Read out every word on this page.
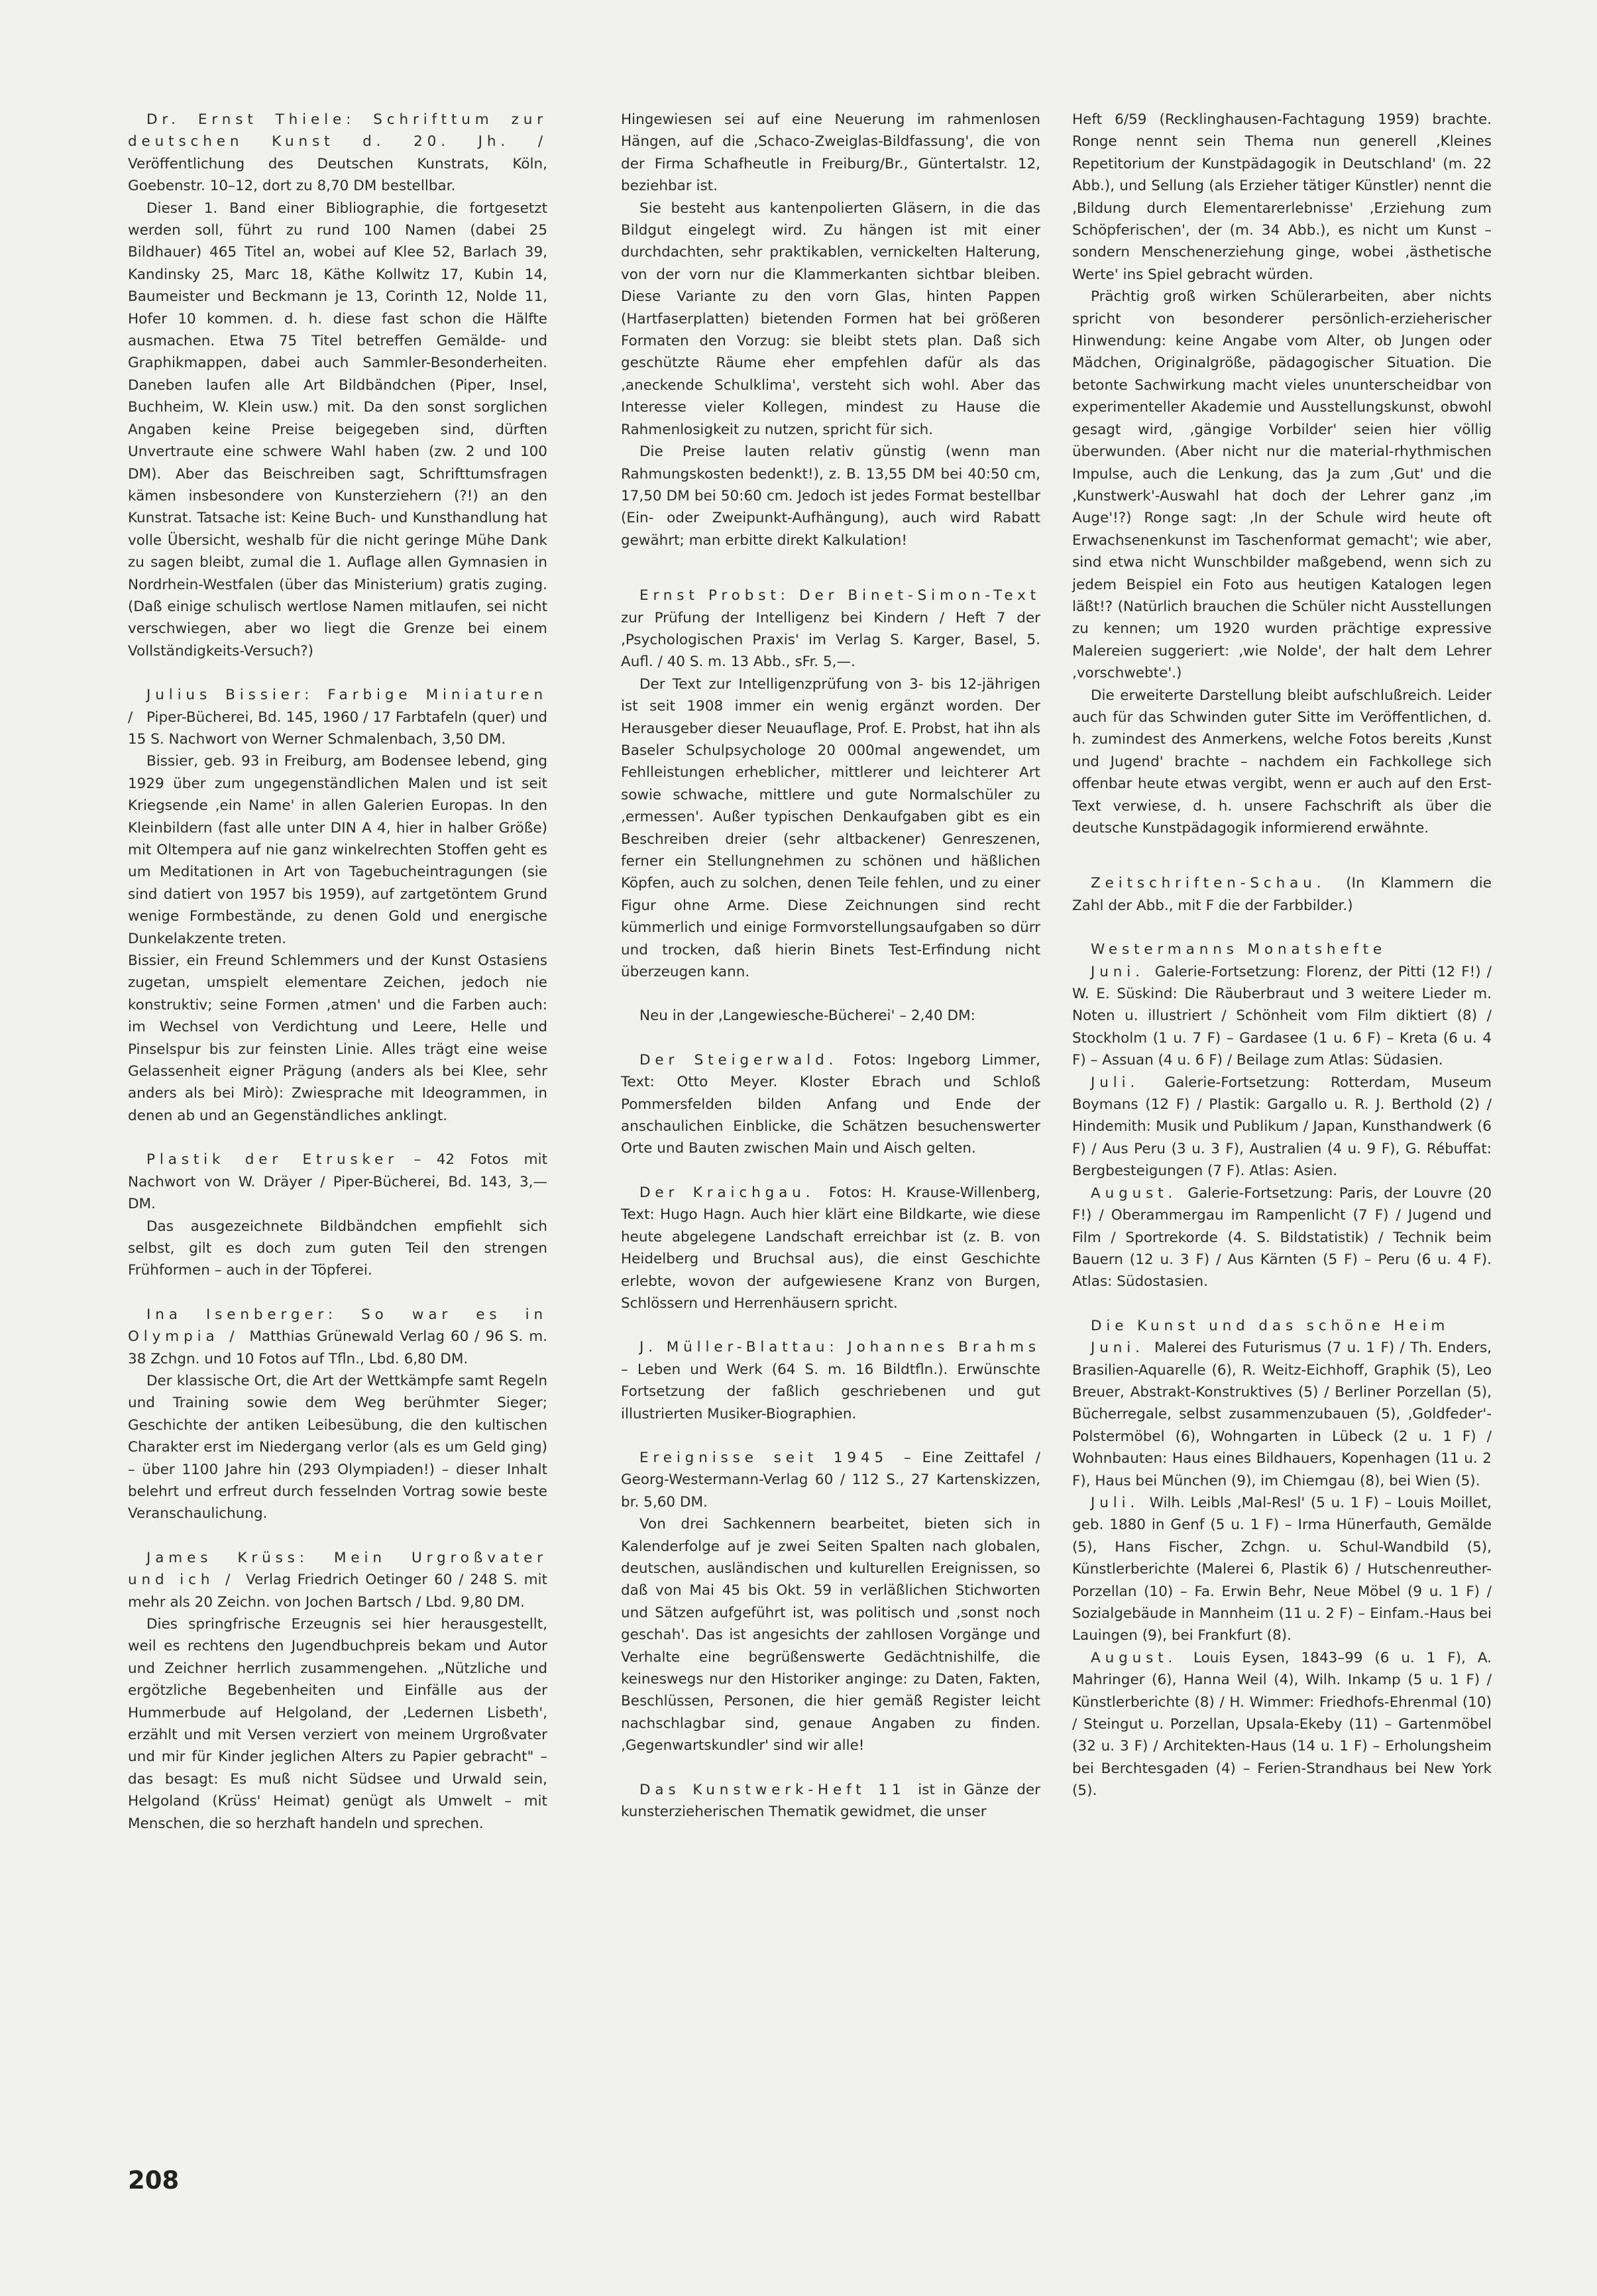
Dr. Ernst Thiele: Schrifttum zur deutschen Kunst d. 20. Jh. / Veröffentlichung des Deutschen Kunstrats, Köln, Goebenstr. 10–12, dort zu 8,70 DM bestellbar.

Dieser 1. Band einer Bibliographie, die fortgesetzt werden soll, führt zu rund 100 Namen (dabei 25 Bildhauer) 465 Titel an, wobei auf Klee 52, Barlach 39, Kandinsky 25, Marc 18, Käthe Kollwitz 17, Kubin 14, Baumeister und Beckmann je 13, Corinth 12, Nolde 11, Hofer 10 kommen. d. h. diese fast schon die Hälfte ausmachen. Etwa 75 Titel betreffen Gemälde- und Graphikmappen, dabei auch Sammler-Besonderheiten. Daneben laufen alle Art Bildbändchen (Piper, Insel, Buchheim, W. Klein usw.) mit. Da den sonst sorglichen Angaben keine Preise beigegeben sind, dürften Unvertraute eine schwere Wahl haben (zw. 2 und 100 DM). Aber das Beischreiben sagt, Schrifttumsfragen kämen insbesondere von Kunsterziehern (?!) an den Kunstrat. Tatsache ist: Keine Buch- und Kunsthandlung hat volle Übersicht, weshalb für die nicht geringe Mühe Dank zu sagen bleibt, zumal die 1. Auflage allen Gymnasien in Nordrhein-Westfalen (über das Ministerium) gratis zuging. (Daß einige schulisch wertlose Namen mitlaufen, sei nicht verschwiegen, aber wo liegt die Grenze bei einem Vollständigkeits-Versuch?)

Julius Bissier: Farbige Miniaturen / Piper-Bücherei, Bd. 145, 1960 / 17 Farbtafeln (quer) und 15 S. Nachwort von Werner Schmalenbach, 3,50 DM.

Bissier, geb. 93 in Freiburg, am Bodensee lebend, ging 1929 über zum ungegenständlichen Malen und ist seit Kriegsende ‚ein Name' in allen Galerien Europas. In den Kleinbildern (fast alle unter DIN A 4, hier in halber Größe) mit Oltempera auf nie ganz winkelrechten Stoffen geht es um Meditationen in Art von Tagebucheintragungen (sie sind datiert von 1957 bis 1959), auf zartgetöntem Grund wenige Formbestände, zu denen Gold und energische Dunkelakzente treten.

Bissier, ein Freund Schlemmers und der Kunst Ostasiens zugetan, umspielt elementare Zeichen, jedoch nie konstruktiv; seine Formen ‚atmen' und die Farben auch: im Wechsel von Verdichtung und Leere, Helle und Pinselspur bis zur feinsten Linie. Alles trägt eine weise Gelassenheit eigner Prägung (anders als bei Klee, sehr anders als bei Mirò): Zwiesprache mit Ideogrammen, in denen ab und an Gegenständliches anklingt.

Plastik der Etrusker – 42 Fotos mit Nachwort von W. Dräyer / Piper-Bücherei, Bd. 143, 3,— DM.

Das ausgezeichnete Bildbändchen empfiehlt sich selbst, gilt es doch zum guten Teil den strengen Frühformen – auch in der Töpferei.

Ina Isenberger: So war es in Olympia / Matthias Grünewald Verlag 60 / 96 S. m. 38 Zchgn. und 10 Fotos auf Tfln., Lbd. 6,80 DM.

Der klassische Ort, die Art der Wettkämpfe samt Regeln und Training sowie dem Weg berühmter Sieger; Geschichte der antiken Leibesübung, die den kultischen Charakter erst im Niedergang verlor (als es um Geld ging) – über 1100 Jahre hin (293 Olympiaden!) – dieser Inhalt belehrt und erfreut durch fesselnden Vortrag sowie beste Veranschaulichung.

James Krüss: Mein Urgroßvater und ich / Verlag Friedrich Oetinger 60 / 248 S. mit mehr als 20 Zeichn. von Jochen Bartsch / Lbd. 9,80 DM.

Dies springfrische Erzeugnis sei hier herausgestellt, weil es rechtens den Jugendbuchpreis bekam und Autor und Zeichner herrlich zusammengehen. „Nützliche und ergötzliche Begebenheiten und Einfälle aus der Hummerbude auf Helgoland, der ‚Ledernen Lisbeth', erzählt und mit Versen verziert von meinem Urgroßvater und mir für Kinder jeglichen Alters zu Papier gebracht" – das besagt: Es muß nicht Südsee und Urwald sein, Helgoland (Krüss' Heimat) genügt als Umwelt – mit Menschen, die so herzhaft handeln und sprechen.

Hingewiesen sei auf eine Neuerung im rahmenlosen Hängen, auf die ‚Schaco-Zweiglas-Bildfassung', die von der Firma Schafheutle in Freiburg/Br., Güntertalstr. 12, beziehbar ist.

Sie besteht aus kantenpolierten Gläsern, in die das Bildgut eingelegt wird. Zu hängen ist mit einer durchdachten, sehr praktikablen, vernickelten Halterung, von der vorn nur die Klammerkanten sichtbar bleiben. Diese Variante zu den vorn Glas, hinten Pappen (Hartfaserplatten) bietenden Formen hat bei größeren Formaten den Vorzug: sie bleibt stets plan. Daß sich geschützte Räume eher empfehlen dafür als das ‚aneckende Schulklima', versteht sich wohl. Aber das Interesse vieler Kollegen, mindest zu Hause die Rahmenlosigkeit zu nutzen, spricht für sich.

Die Preise lauten relativ günstig (wenn man Rahmungskosten bedenkt!), z. B. 13,55 DM bei 40:50 cm, 17,50 DM bei 50:60 cm. Jedoch ist jedes Format bestellbar (Ein- oder Zweipunkt-Aufhängung), auch wird Rabatt gewährt; man erbitte direkt Kalkulation!

Ernst Probst: Der Binet-Simon-Text zur Prüfung der Intelligenz bei Kindern / Heft 7 der ‚Psychologischen Praxis' im Verlag S. Karger, Basel, 5. Aufl. / 40 S. m. 13 Abb., sFr. 5,—.

Der Text zur Intelligenzprüfung von 3- bis 12-jährigen ist seit 1908 immer ein wenig ergänzt worden. Der Herausgeber dieser Neuauflage, Prof. E. Probst, hat ihn als Baseler Schulpsychologe 20 000mal angewendet, um Fehlleistungen erheblicher, mittlerer und leichterer Art sowie schwache, mittlere und gute Normalschüler zu ‚ermessen'. Außer typischen Denkaufgaben gibt es ein Beschreiben dreier (sehr altbackener) Genreszenen, ferner ein Stellungnehmen zu schönen und häßlichen Köpfen, auch zu solchen, denen Teile fehlen, und zu einer Figur ohne Arme. Diese Zeichnungen sind recht kümmerlich und einige Formvorstellungsaufgaben so dürr und trocken, daß hierin Binets Test-Erfindung nicht überzeugen kann.

Neu in der ‚Langewiesche-Bücherei' – 2,40 DM:

Der Steigerwald. Fotos: Ingeborg Limmer, Text: Otto Meyer. Kloster Ebrach und Schloß Pommersfelden bilden Anfang und Ende der anschaulichen Einblicke, die Schätzen besuchenswerter Orte und Bauten zwischen Main und Aisch gelten.

Der Kraichgau. Fotos: H. Krause-Willenberg, Text: Hugo Hagn. Auch hier klärt eine Bildkarte, wie diese heute abgelegene Landschaft erreichbar ist (z. B. von Heidelberg und Bruchsal aus), die einst Geschichte erlebte, wovon der aufgewiesene Kranz von Burgen, Schlössern und Herrenhäusern spricht.

J. Müller-Blattau: Johannes Brahms – Leben und Werk (64 S. m. 16 Bildtfln.). Erwünschte Fortsetzung der faßlich geschriebenen und gut illustrierten Musiker-Biographien.

Ereignisse seit 1945 – Eine Zeittafel / Georg-Westermann-Verlag 60 / 112 S., 27 Kartenskizzen, br. 5,60 DM.

Von drei Sachkennern bearbeitet, bieten sich in Kalenderfolge auf je zwei Seiten Spalten nach globalen, deutschen, ausländischen und kulturellen Ereignissen, so daß von Mai 45 bis Okt. 59 in verläßlichen Stichworten und Sätzen aufgeführt ist, was politisch und ‚sonst noch geschah'. Das ist angesichts der zahllosen Vorgänge und Verhalte eine begrüßenswerte Gedächtnishilfe, die keineswegs nur den Historiker anginge: zu Daten, Fakten, Beschlüssen, Personen, die hier gemäß Register leicht nachschlagbar sind, genaue Angaben zu finden. ‚Gegenwartskundler' sind wir alle!

Das Kunstwerk-Heft 11 ist in Gänze der kunsterzieherischen Thematik gewidmet, die unser

Heft 6/59 (Recklinghausen-Fachtagung 1959) brachte. Ronge nennt sein Thema nun generell ‚Kleines Repetitorium der Kunstpädagogik in Deutschland' (m. 22 Abb.), und Sellung (als Erzieher tätiger Künstler) nennt die ‚Bildung durch Elementarerlebnisse' ‚Erziehung zum Schöpferischen', der (m. 34 Abb.), es nicht um Kunst – sondern Menschenerziehung ginge, wobei ‚ästhetische Werte' ins Spiel gebracht würden.

Prächtig groß wirken Schülerarbeiten, aber nichts spricht von besonderer persönlich-erzieherischer Hinwendung: keine Angabe vom Alter, ob Jungen oder Mädchen, Originalgröße, pädagogischer Situation. Die betonte Sachwirkung macht vieles ununterscheidbar von experimenteller Akademie und Ausstellungskunst, obwohl gesagt wird, ‚gängige Vorbilder' seien hier völlig überwunden. (Aber nicht nur die material-rhythmischen Impulse, auch die Lenkung, das Ja zum ‚Gut' und die ‚Kunstwerk'-Auswahl hat doch der Lehrer ganz ‚im Auge'!?) Ronge sagt: ‚In der Schule wird heute oft Erwachsenenkunst im Taschenformat gemacht'; wie aber, sind etwa nicht Wunschbilder maßgebend, wenn sich zu jedem Beispiel ein Foto aus heutigen Katalogen legen läßt!? (Natürlich brauchen die Schüler nicht Ausstellungen zu kennen; um 1920 wurden prächtige expressive Malereien suggeriert: ‚wie Nolde', der halt dem Lehrer ‚vorschwebte'.)

Die erweiterte Darstellung bleibt aufschlußreich. Leider auch für das Schwinden guter Sitte im Veröffentlichen, d. h. zumindest des Anmerkens, welche Fotos bereits ‚Kunst und Jugend' brachte – nachdem ein Fachkollege sich offenbar heute etwas vergibt, wenn er auch auf den Erst-Text verwiese, d. h. unsere Fachschrift als über die deutsche Kunstpädagogik informierend erwähnte.

Zeitschriften-Schau. (In Klammern die Zahl der Abb., mit F die der Farbbilder.)

Westermanns Monatshefte

Juni. Galerie-Fortsetzung: Florenz, der Pitti (12 F!) / W. E. Süskind: Die Räuberbraut und 3 weitere Lieder m. Noten u. illustriert / Schönheit vom Film diktiert (8) / Stockholm (1 u. 7 F) – Gardasee (1 u. 6 F) – Kreta (6 u. 4 F) – Assuan (4 u. 6 F) / Beilage zum Atlas: Südasien.

Juli. Galerie-Fortsetzung: Rotterdam, Museum Boymans (12 F) / Plastik: Gargallo u. R. J. Berthold (2) / Hindemith: Musik und Publikum / Japan, Kunsthandwerk (6 F) / Aus Peru (3 u. 3 F), Australien (4 u. 9 F), G. Rébuffat: Bergbesteigungen (7 F). Atlas: Asien.

August. Galerie-Fortsetzung: Paris, der Louvre (20 F!) / Oberammergau im Rampenlicht (7 F) / Jugend und Film / Sportrekorde (4. S. Bildstatistik) / Technik beim Bauern (12 u. 3 F) / Aus Kärnten (5 F) – Peru (6 u. 4 F). Atlas: Südostasien.

Die Kunst und das schöne Heim

Juni. Malerei des Futurismus (7 u. 1 F) / Th. Enders, Brasilien-Aquarelle (6), R. Weitz-Eichhoff, Graphik (5), Leo Breuer, Abstrakt-Konstruktives (5) / Berliner Porzellan (5), Bücherregale, selbst zusammenzubauen (5), ‚Goldfeder'-Polstermöbel (6), Wohngarten in Lübeck (2 u. 1 F) / Wohnbauten: Haus eines Bildhauers, Kopenhagen (11 u. 2 F), Haus bei München (9), im Chiemgau (8), bei Wien (5).

Juli. Wilh. Leibls ‚Mal-Resl' (5 u. 1 F) – Louis Moillet, geb. 1880 in Genf (5 u. 1 F) – Irma Hünerfauth, Gemälde (5), Hans Fischer, Zchgn. u. Schul-Wandbild (5), Künstlerberichte (Malerei 6, Plastik 6) / Hutschenreuther-Porzellan (10) – Fa. Erwin Behr, Neue Möbel (9 u. 1 F) / Sozialgebäude in Mannheim (11 u. 2 F) – Einfam.-Haus bei Lauingen (9), bei Frankfurt (8).

August. Louis Eysen, 1843–99 (6 u. 1 F), A. Mahringer (6), Hanna Weil (4), Wilh. Inkamp (5 u. 1 F) / Künstlerberichte (8) / H. Wimmer: Friedhofs-Ehrenmal (10) / Steingut u. Porzellan, Upsala-Ekeby (11) – Gartenmöbel (32 u. 3 F) / Architekten-Haus (14 u. 1 F) – Erholungsheim bei Berchtesgaden (4) – Ferien-Strandhaus bei New York (5).

208
